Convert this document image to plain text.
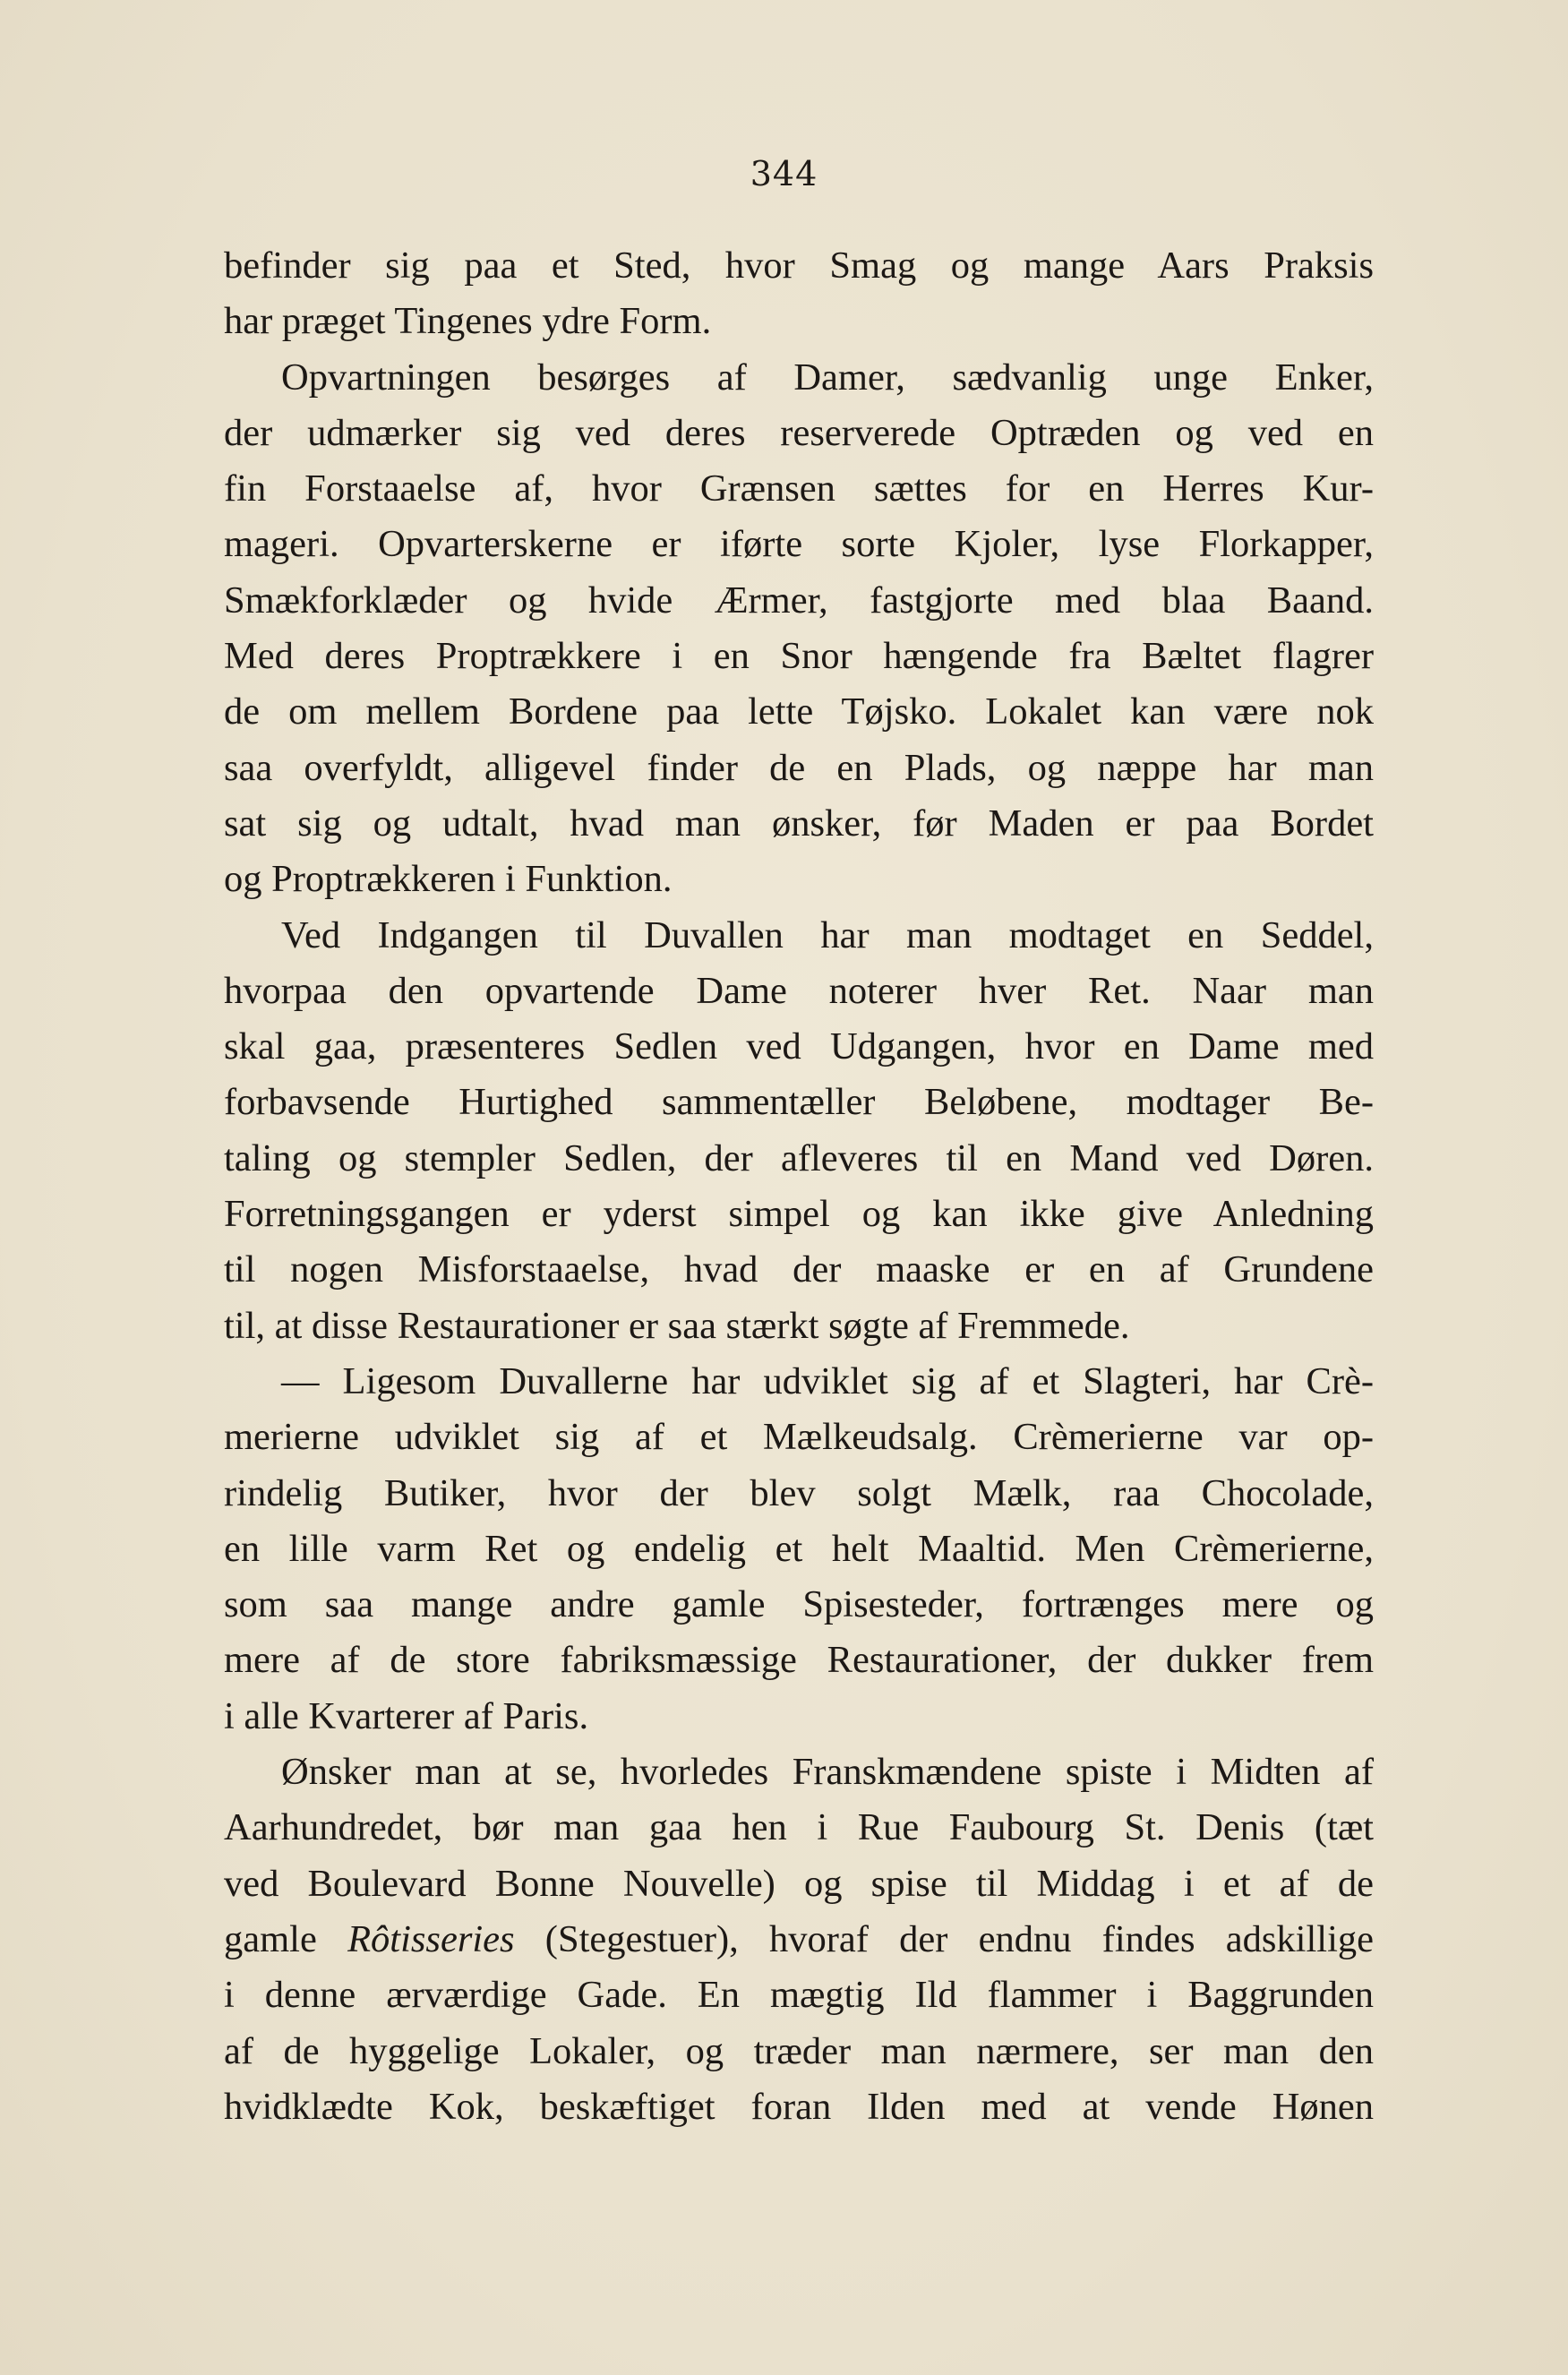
344
befinder sig paa et Sted, hvor Smag og mange Aars Praksis
har præget Tingenes ydre Form.
Opvartningen besørges af Damer, sædvanlig unge Enker,
der udmærker sig ved deres reserverede Optræden og ved en
fin Forstaaelse af, hvor Grænsen sættes for en Herres Kur-
mageri. Opvarterskerne er iførte sorte Kjoler, lyse Florkapper,
Smækforklæder og hvide Ærmer, fastgjorte med blaa Baand.
Med deres Proptrækkere i en Snor hængende fra Bæltet flagrer
de om mellem Bordene paa lette Tøjsko. Lokalet kan være nok
saa overfyldt, alligevel finder de en Plads, og næppe har man
sat sig og udtalt, hvad man ønsker, før Maden er paa Bordet
og Proptrækkeren i Funktion.
Ved Indgangen til Duvallen har man modtaget en Seddel,
hvorpaa den opvartende Dame noterer hver Ret. Naar man
skal gaa, præsenteres Sedlen ved Udgangen, hvor en Dame med
forbavsende Hurtighed sammentæller Beløbene, modtager Be-
taling og stempler Sedlen, der afleveres til en Mand ved Døren.
Forretningsgangen er yderst simpel og kan ikke give Anledning
til nogen Misforstaaelse, hvad der maaske er en af Grundene
til, at disse Restaurationer er saa stærkt søgte af Fremmede.
— Ligesom Duvallerne har udviklet sig af et Slagteri, har Crè-
merierne udviklet sig af et Mælkeudsalg. Crèmerierne var op-
rindelig Butiker, hvor der blev solgt Mælk, raa Chocolade,
en lille varm Ret og endelig et helt Maaltid. Men Crèmerierne,
som saa mange andre gamle Spisesteder, fortrænges mere og
mere af de store fabriksmæssige Restaurationer, der dukker frem
i alle Kvarterer af Paris.
Ønsker man at se, hvorledes Franskmændene spiste i Midten af
Aarhundredet, bør man gaa hen i Rue Faubourg St. Denis (tæt
ved Boulevard Bonne Nouvelle) og spise til Middag i et af de
gamle Rôtisseries (Stegestuer), hvoraf der endnu findes adskillige
i denne ærværdige Gade. En mægtig Ild flammer i Baggrunden
af de hyggelige Lokaler, og træder man nærmere, ser man den
hvidklædte Kok, beskæftiget foran Ilden med at vende Hønen
